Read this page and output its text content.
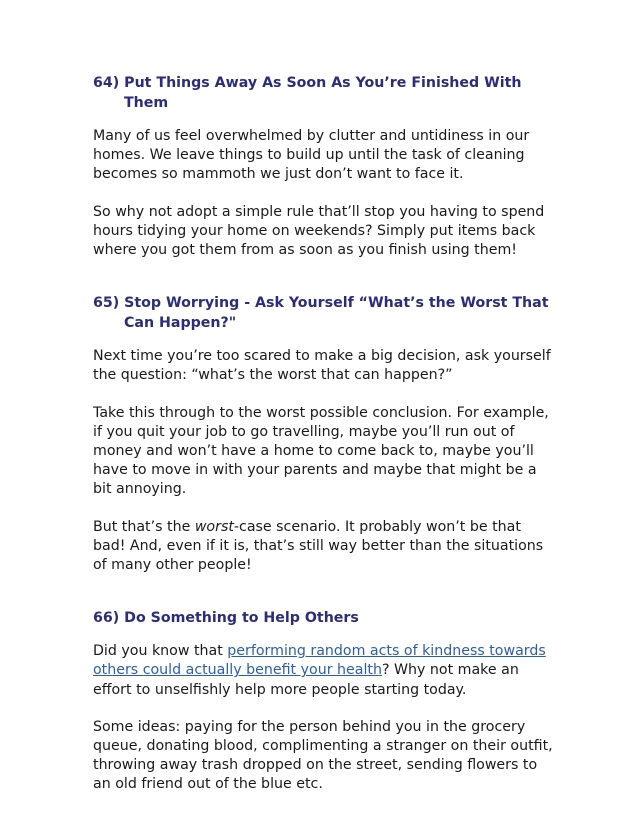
64) Put Things Away As Soon As You’re Finished With Them

Many of us feel overwhelmed by clutter and untidiness in our homes. We leave things to build up until the task of cleaning becomes so mammoth we just don’t want to face it.

So why not adopt a simple rule that’ll stop you having to spend hours tidying your home on weekends? Simply put items back where you got them from as soon as you finish using them!

65) Stop Worrying - Ask Yourself “What’s the Worst That Can Happen?"

Next time you’re too scared to make a big decision, ask yourself the question: “what’s the worst that can happen?”

Take this through to the worst possible conclusion. For example, if you quit your job to go travelling, maybe you’ll run out of money and won’t have a home to come back to, maybe you’ll have to move in with your parents and maybe that might be a bit annoying.

But that’s the worst-case scenario. It probably won’t be that bad! And, even if it is, that’s still way better than the situations of many other people!

66) Do Something to Help Others

Did you know that performing random acts of kindness towards others could actually benefit your health? Why not make an effort to unselfishly help more people starting today.

Some ideas: paying for the person behind you in the grocery queue, donating blood, complimenting a stranger on their outfit, throwing away trash dropped on the street, sending flowers to an old friend out of the blue etc.
